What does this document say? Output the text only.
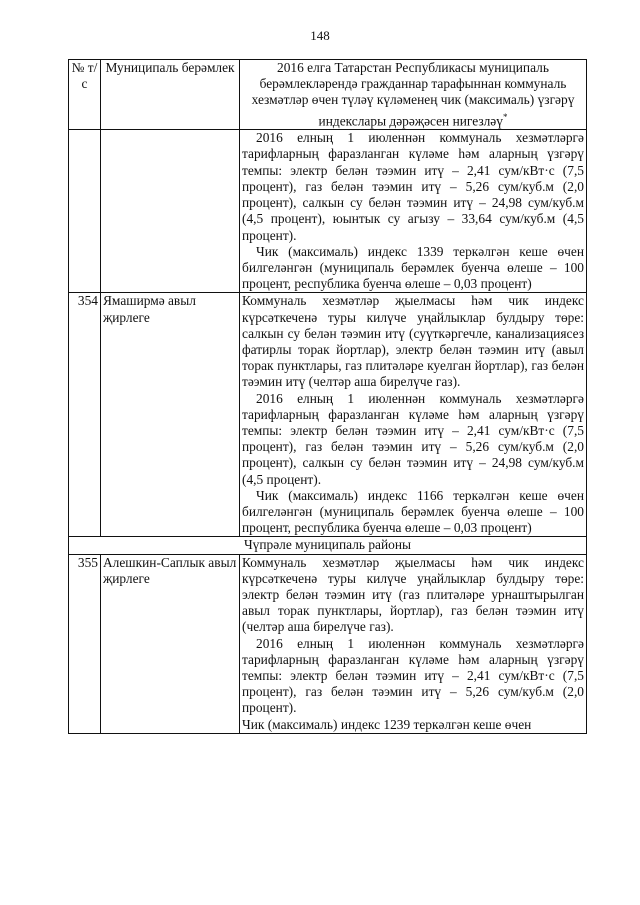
148
№ т/с	Муниципаль берәмлек	2016 елга Татарстан Республикасы муниципаль берәмлекләрендә гражданнар тарафыннан коммуналь хезмәтләр өчен түләү күләменең чик (максималь) үзгәрү индекслары дәрәҗәсен нигезләү*

		2016 елның 1 июленнән коммуналь хезмәтләргә тарифларның фаразланган күләме һәм аларның үзгәрү темпы: электр белән тәэмин итү – 2,41 сум/кВт·с (7,5 процент), газ белән тәэмин итү – 5,26 сум/куб.м (2,0 процент), салкын су белән тәэмин итү – 24,98 сум/куб.м (4,5 процент), юынтык су агызу – 33,64 сум/куб.м (4,5 процент).
Чик (максималь) индекс 1339 теркәлгән кеше өчен билгеләнгән (муниципаль берәмлек буенча өлеше – 100 процент, республика буенча өлеше – 0,03 процент)

354	Ямаширмә авыл җирлеге	Коммуналь хезмәтләр җыелмасы һәм чик индекс күрсәткеченә туры килүче уңайлыклар булдыру төре: салкын су белән тәэмин итү (суүткәргечле, канализациясез фатирлы торак йортлар), электр белән тәэмин итү (авыл торак пунктлары, газ плитәләре куелган йортлар), газ белән тәэмин итү (челтәр аша бирелүче газ).
2016 елның 1 июленнән коммуналь хезмәтләргә тарифларның фаразланган күләме һәм аларның үзгәрү темпы: электр белән тәэмин итү – 2,41 сум/кВт·с (7,5 процент), газ белән тәэмин итү – 5,26 сум/куб.м (2,0 процент), салкын су белән тәэмин итү – 24,98 сум/куб.м (4,5 процент).
Чик (максималь) индекс 1166 теркәлгән кеше өчен билгеләнгән (муниципаль берәмлек буенча өлеше – 100 процент, республика буенча өлеше – 0,03 процент)

Чүпрәле муниципаль районы		
355	Алешкин-Саплык авыл җирлеге	Коммуналь хезмәтләр җыелмасы һәм чик индекс күрсәткеченә туры килүче уңайлыклар булдыру төре: электр белән тәэмин итү (газ плитәләре урнаштырылган авыл торак пунктлары, йортлар), газ белән тәэмин итү (челтәр аша бирелүче газ).
2016 елның 1 июленнән коммуналь хезмәтләргә тарифларның фаразланган күләме һәм аларның үзгәрү темпы: электр белән тәэмин итү – 2,41 сум/кВт·с (7,5 процент), газ белән тәэмин итү – 5,26 сум/куб.м (2,0 процент).
Чик (максималь) индекс 1239 теркәлгән кеше өчен
